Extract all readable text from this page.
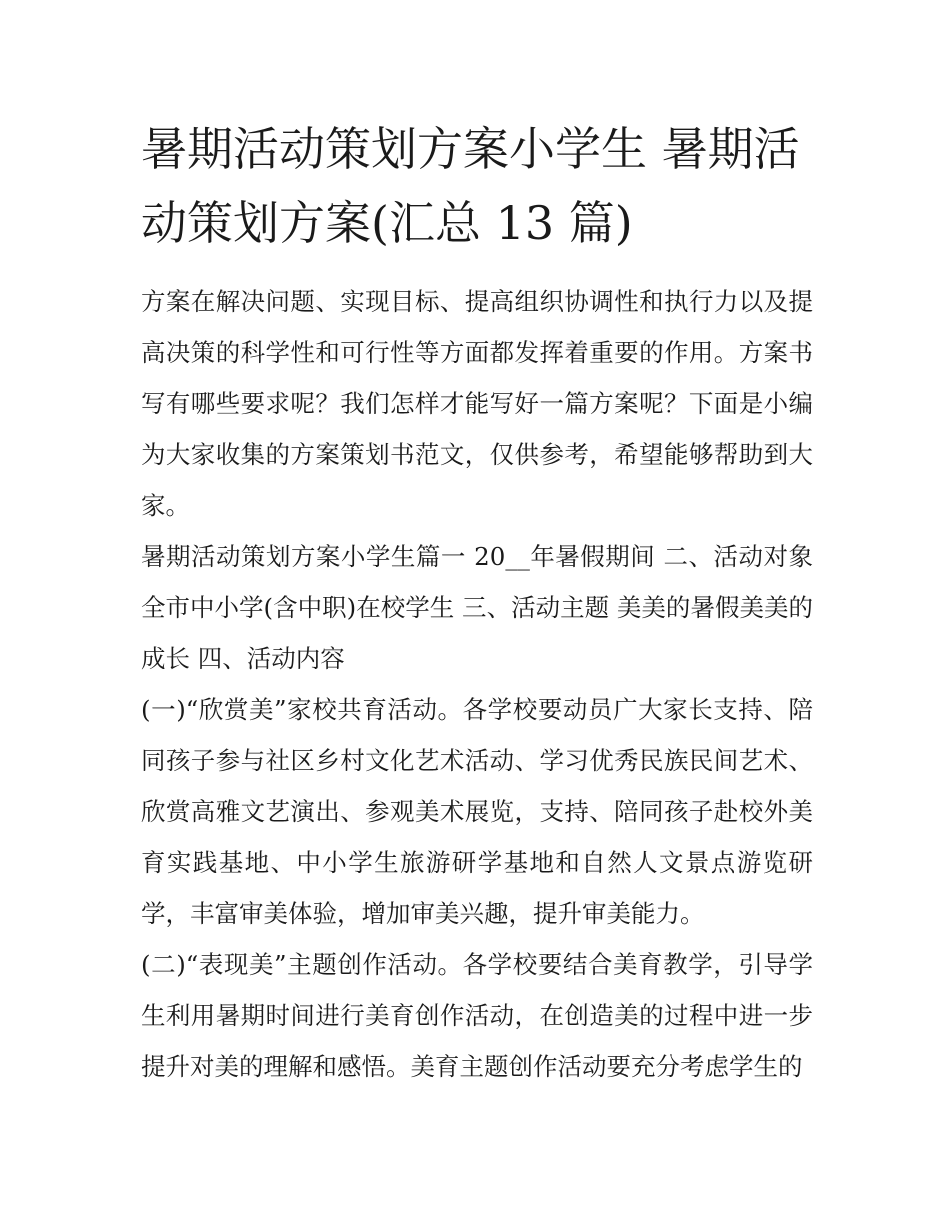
暑期活动策划方案小学生 暑期活动策划方案(汇总 13 篇)

方案在解决问题、实现目标、提高组织协调性和执行力以及提高决策的科学性和可行性等方面都发挥着重要的作用。方案书写有哪些要求呢？我们怎样才能写好一篇方案呢？下面是小编为大家收集的方案策划书范文，仅供参考，希望能够帮助到大家。

暑期活动策划方案小学生篇一 20__年暑假期间 二、活动对象 全市中小学(含中职)在校学生 三、活动主题 美美的暑假美美的成长 四、活动内容

(一)“欣赏美”家校共育活动。各学校要动员广大家长支持、陪同孩子参与社区乡村文化艺术活动、学习优秀民族民间艺术、欣赏高雅文艺演出、参观美术展览，支持、陪同孩子赴校外美育实践基地、中小学生旅游研学基地和自然人文景点游览研学，丰富审美体验，增加审美兴趣，提升审美能力。

(二)“表现美”主题创作活动。各学校要结合美育教学，引导学生利用暑期时间进行美育创作活动，在创造美的过程中进一步提升对美的理解和感悟。美育主题创作活动要充分考虑学生的
